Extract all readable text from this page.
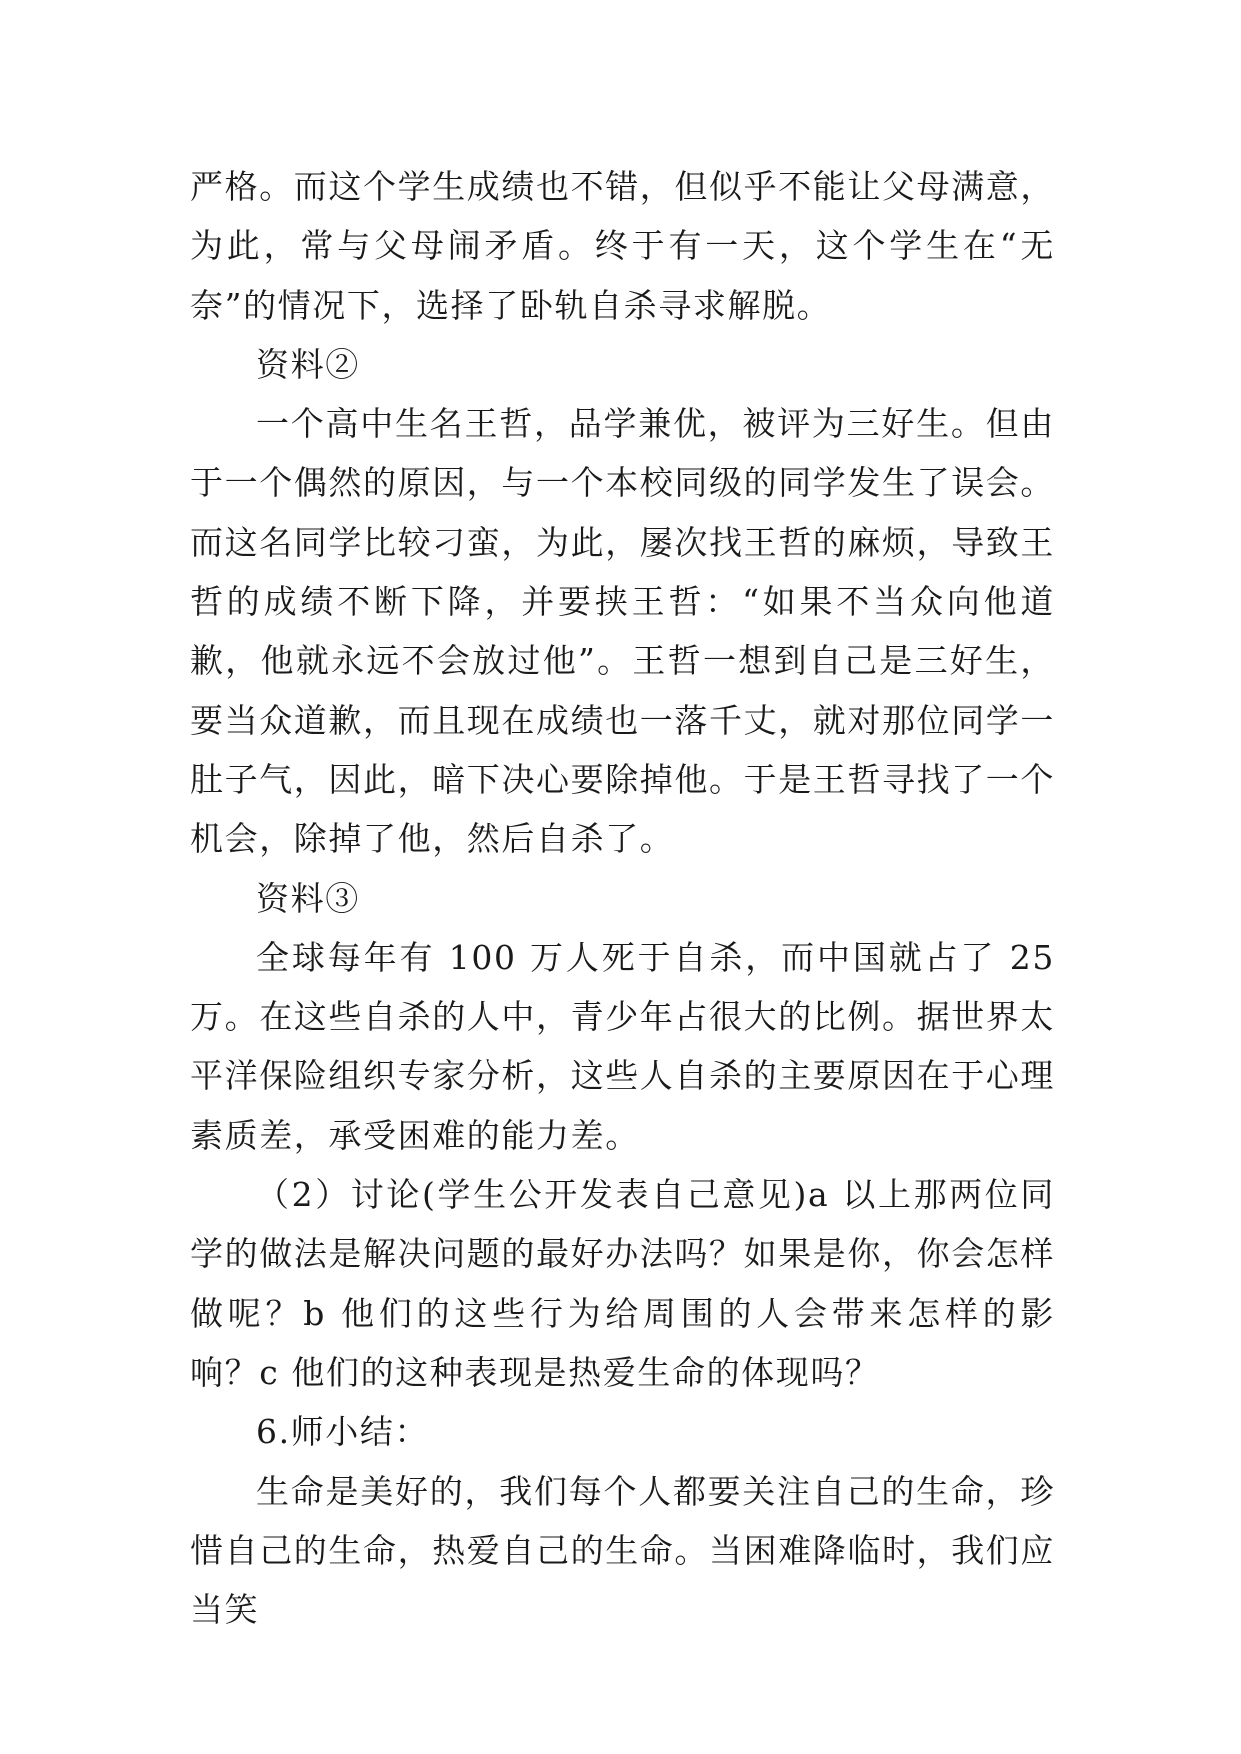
严格。而这个学生成绩也不错，但似乎不能让父母满意，为此，常与父母闹矛盾。终于有一天，这个学生在“无奈”的情况下，选择了卧轨自杀寻求解脱。

资料②

一个高中生名王哲，品学兼优，被评为三好生。但由于一个偶然的原因，与一个本校同级的同学发生了误会。而这名同学比较刁蛮，为此，屡次找王哲的麻烦，导致王哲的成绩不断下降，并要挟王哲：“如果不当众向他道歉，他就永远不会放过他”。王哲一想到自己是三好生，要当众道歉，而且现在成绩也一落千丈，就对那位同学一肚子气，因此，暗下决心要除掉他。于是王哲寻找了一个机会，除掉了他，然后自杀了。

资料③

全球每年有 100 万人死于自杀，而中国就占了 25 万。在这些自杀的人中，青少年占很大的比例。据世界太平洋保险组织专家分析，这些人自杀的主要原因在于心理素质差，承受困难的能力差。

（2）讨论(学生公开发表自己意见)a 以上那两位同学的做法是解决问题的最好办法吗？如果是你，你会怎样做呢？b 他们的这些行为给周围的人会带来怎样的影响？c 他们的这种表现是热爱生命的体现吗？

6.师小结：

生命是美好的，我们每个人都要关注自己的生命，珍惜自己的生命，热爱自己的生命。当困难降临时，我们应当笑
